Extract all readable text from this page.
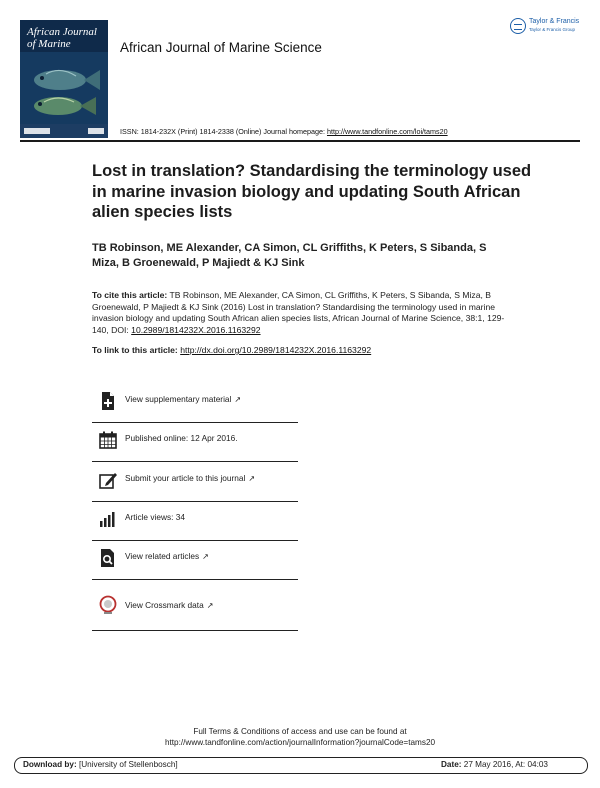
African Journal
of Marine	African Journal of Marine Science
Taylor & Francis
Taylor & Francis Group
ISSN: 1814-232X (Print) 1814-2338 (Online) Journal homepage: http://www.tandfonline.com/loi/tams20
Lost in translation? Standardising the terminology used in marine invasion biology and updating South African alien species lists
TB Robinson, ME Alexander, CA Simon, CL Griffiths, K Peters, S Sibanda, S Miza, B Groenewald, P Majiedt & KJ Sink
To cite this article: TB Robinson, ME Alexander, CA Simon, CL Griffiths, K Peters, S Sibanda, S Miza, B Groenewald, P Majiedt & KJ Sink (2016) Lost in translation? Standardising the terminology used in marine invasion biology and updating South African alien species lists, African Journal of Marine Science, 38:1, 129-140, DOI: 10.2989/1814232X.2016.1163292
To link to this article: http://dx.doi.org/10.2989/1814232X.2016.1163292
View supplementary material ↗
Published online: 12 Apr 2016.
Submit your article to this journal ↗
Article views: 34
View related articles ↗
View Crossmark data ↗
Full Terms & Conditions of access and use can be found at
http://www.tandfonline.com/action/journalInformation?journalCode=tams20
Download by: [University of Stellenbosch]	Date: 27 May 2016, At: 04:03
